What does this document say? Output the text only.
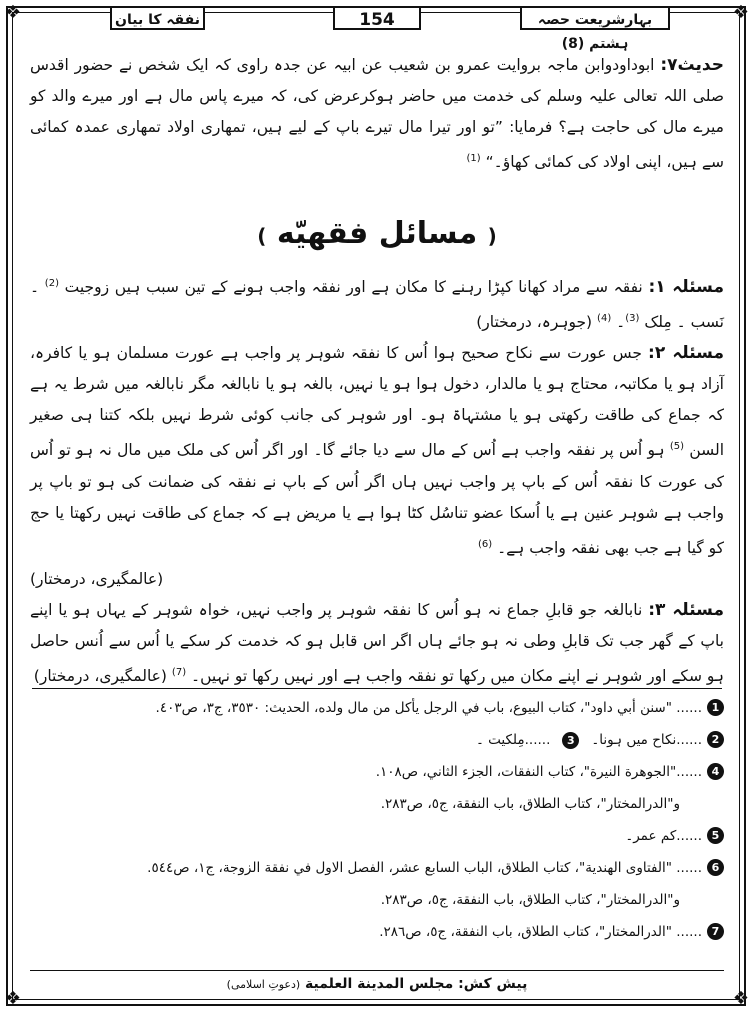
❖	❖
❖	❖
نفقہ کا بیان	154	بہارِشریعت حصہ ہشتم (8)

حدیث۷: ابوداودوابن ماجہ بروایت عمرو بن شعیب عن ابیہ عن جدہ راوی کہ ایک شخص نے حضور اقدس صلی اللہ تعالی علیہ وسلم کی خدمت میں حاضر ہوکرعرض کی، کہ میرے پاس مال ہے اور میرے والد کو میرے مال کی حاجت ہے؟ فرمایا: ”تو اور تیرا مال تیرے باپ کے لیے ہیں، تمھاری اولاد تمھاری عمدہ کمائی سے ہیں، اپنی اولاد کی کمائی کھاؤ۔“ $^{(1)}$

( مسائل فقهیّه )

مسئلہ ۱: نفقہ سے مراد کھانا کپڑا رہنے کا مکان ہے اور نفقہ واجب ہونے کے تین سبب ہیں زوجیت $^{(2)}$ ۔ نَسب ۔ مِلک $^{(3)}$۔ $^{(4)}$ (جوہرہ، درمختار)

مسئلہ ۲: جس عورت سے نکاح صحیح ہوا اُس کا نفقہ شوہر پر واجب ہے عورت مسلمان ہو یا کافرہ، آزاد ہو یا مکاتبہ، محتاج ہو یا مالدار، دخول ہوا ہو یا نہیں، بالغہ ہو یا نابالغہ مگر نابالغہ میں شرط یہ ہے کہ جماع کی طاقت رکھتی ہو یا مشتہاۃ ہو۔ اور شوہر کی جانب کوئی شرط نہیں بلکہ کتنا ہی صغیر السن $^{(5)}$ ہو اُس پر نفقہ واجب ہے اُس کے مال سے دیا جائے گا۔ اور اگر اُس کی ملک میں مال نہ ہو تو اُس کی عورت کا نفقہ اُس کے باپ پر واجب نہیں ہاں اگر اُس کے باپ نے نفقہ کی ضمانت کی ہو تو باپ پر واجب ہے شوہر عنین ہے یا اُسکا عضو تناسُل کٹا ہوا ہے یا مریض ہے کہ جماع کی طاقت نہیں رکھتا یا حج کو گیا ہے جب بھی نفقہ واجب ہے۔ $^{(6)}$

(عالمگیری، درمختار)

مسئلہ ۳: نابالغہ جو قابلِ جماع نہ ہو اُس کا نفقہ شوہر پر واجب نہیں، خواہ شوہر کے یہاں ہو یا اپنے باپ کے گھر جب تک قابلِ وطی نہ ہو جائے ہاں اگر اس قابل ہو کہ خدمت کر سکے یا اُس سے اُنس حاصل ہو سکے اور شوہر نے اپنے مکان میں رکھا تو نفقہ واجب ہے اور نہیں رکھا تو نہیں۔ $^{(7)}$ (عالمگیری، درمختار)

1
...... "سنن أبي داود"، كتاب البيوع، باب في الرجل يأكل من مال ولده، الحديث: ٣٥٣٠، ج٣، ص٤٠٣.
2
......نکاح میں ہونا۔
3
......مِلکیت ۔
4
......"الجوهرة النيرة"، كتاب النفقات، الجزء الثاني، ص١٠٨.
و"الدرالمختار"، كتاب الطلاق، باب النفقة، ج٥، ص٢٨٣.
5
......کم عمر۔
6
...... "الفتاوى الهندية"، كتاب الطلاق، الباب السابع عشر، الفصل الاول في نفقة الزوجة، ج١، ص٥٤٤.
و"الدرالمختار"، كتاب الطلاق، باب النفقة، ج٥، ص٢٨٣.
7
...... "الدرالمختار"، كتاب الطلاق، باب النفقة، ج٥، ص٢٨٦.
پیش کش: مجلس المدينة العلمية (دعوتِ اسلامی)
